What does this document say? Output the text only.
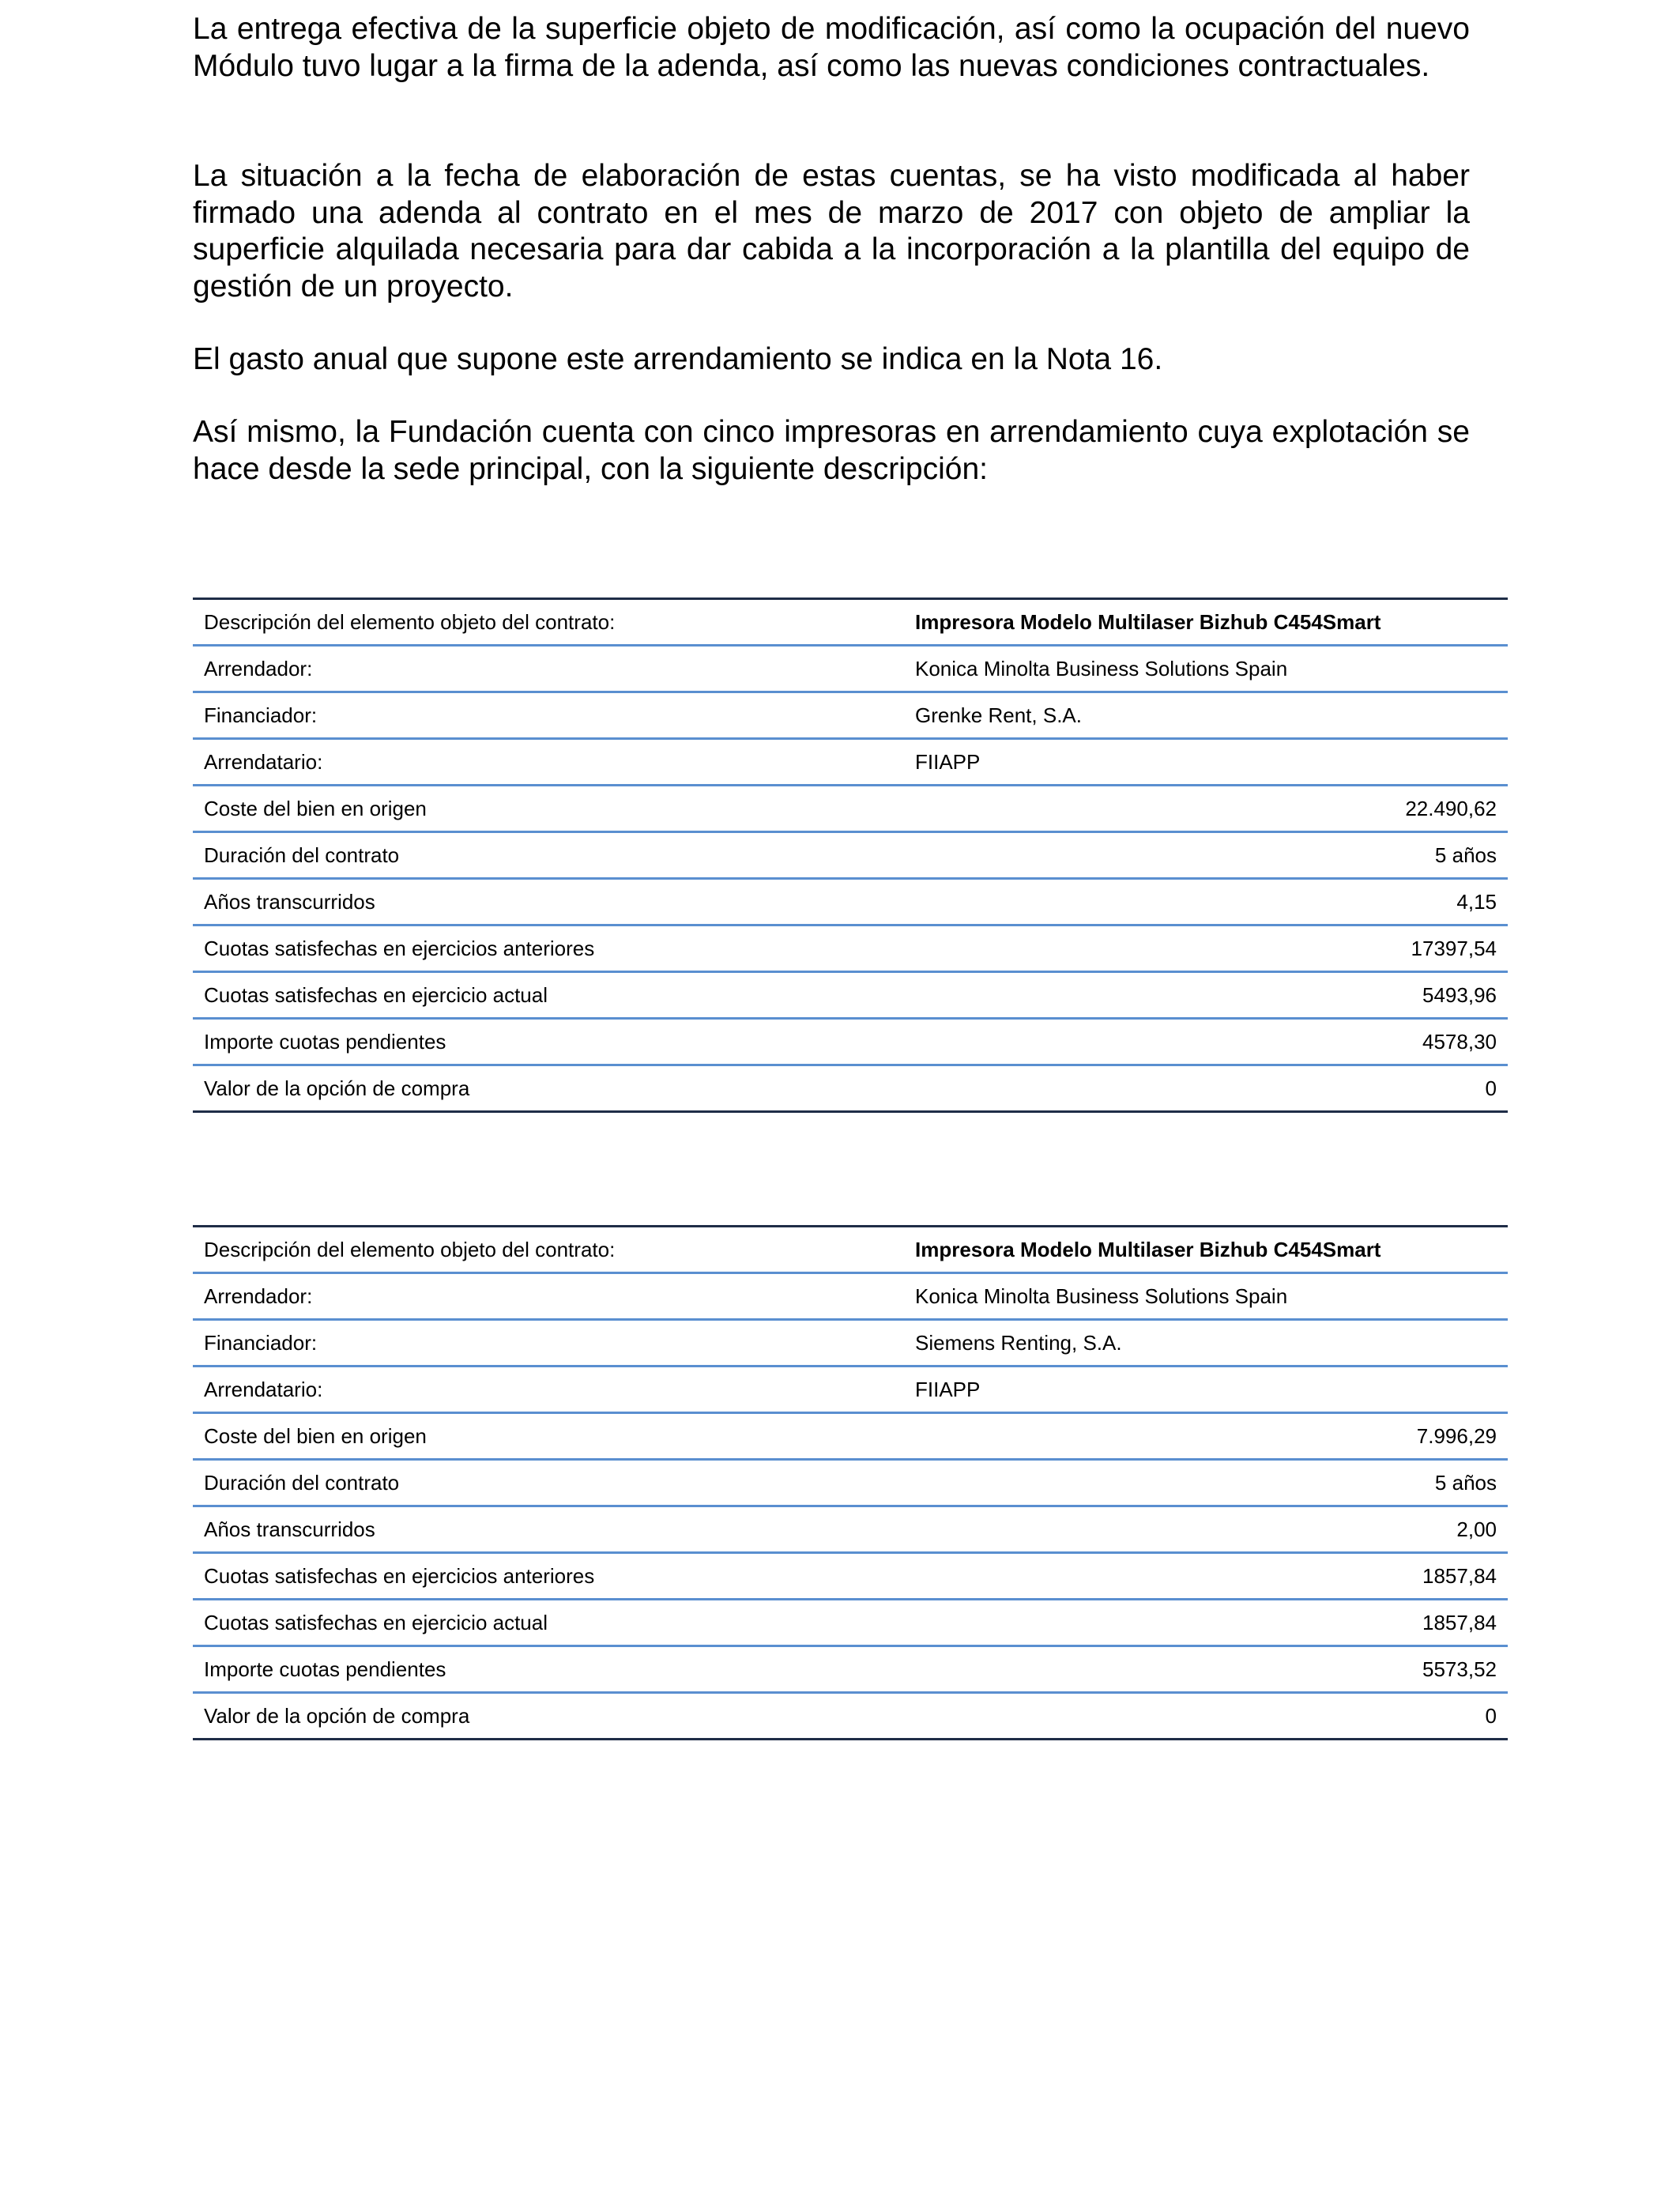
La entrega efectiva de la superficie objeto de modificación, así como la ocupación del nuevo Módulo tuvo lugar a la firma de la adenda, así como las nuevas condiciones contractuales.

La situación a la fecha de elaboración de estas cuentas, se ha visto modificada al haber firmado una adenda al contrato en el mes de marzo de 2017 con objeto de ampliar la superficie alquilada necesaria para dar cabida a la incorporación a la plantilla del equipo de gestión de un proyecto.

El gasto anual que supone este arrendamiento se indica en la Nota 16.

Así mismo, la Fundación cuenta con cinco impresoras en arrendamiento cuya explotación se hace desde la sede principal, con la siguiente descripción:

Descripción del elemento objeto del contrato:	Impresora Modelo Multilaser Bizhub C454Smart
Arrendador:	Konica Minolta Business Solutions Spain
Financiador:	Grenke Rent, S.A.
Arrendatario:	FIIAPP
Coste del bien en origen	22.490,62
Duración del contrato	5 años
Años transcurridos	4,15
Cuotas satisfechas en ejercicios anteriores	17397,54
Cuotas satisfechas en ejercicio actual	5493,96
Importe cuotas pendientes	4578,30
Valor de la opción de compra	0
Descripción del elemento objeto del contrato:	Impresora Modelo Multilaser Bizhub C454Smart
Arrendador:	Konica Minolta Business Solutions Spain
Financiador:	Siemens Renting, S.A.
Arrendatario:	FIIAPP
Coste del bien en origen	7.996,29
Duración del contrato	5 años
Años transcurridos	2,00
Cuotas satisfechas en ejercicios anteriores	1857,84
Cuotas satisfechas en ejercicio actual	1857,84
Importe cuotas pendientes	5573,52
Valor de la opción de compra	0
